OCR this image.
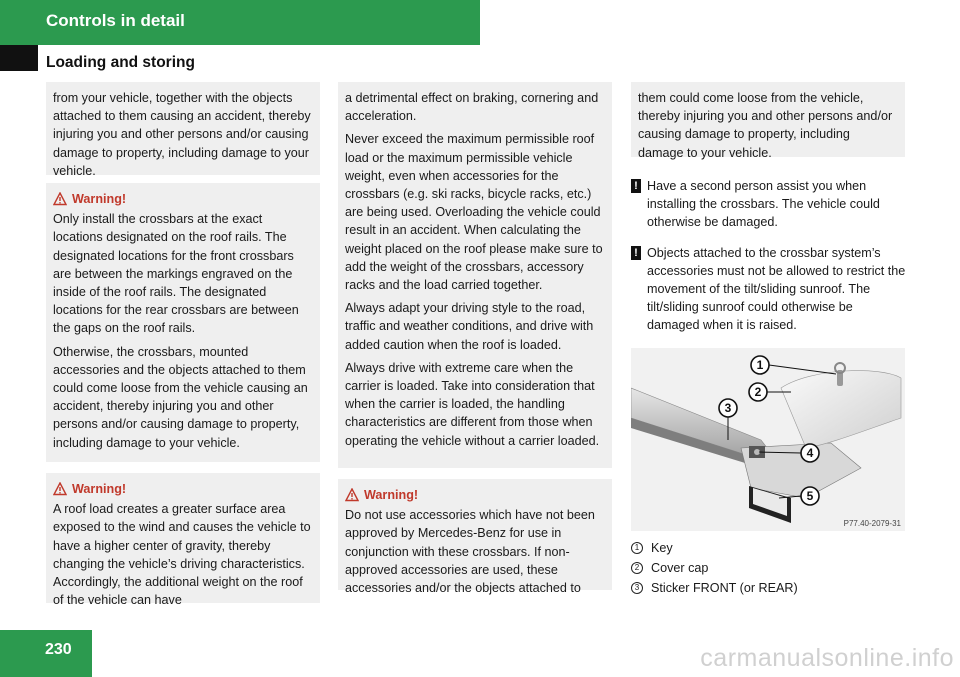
Controls in detail
Loading and storing

from your vehicle, together with the objects attached to them causing an accident, thereby injuring you and other persons and/or causing damage to property, including damage to your vehicle.

Warning!

Only install the crossbars at the exact locations designated on the roof rails. The designated locations for the front crossbars are between the markings engraved on the inside of the roof rails. The designated locations for the rear crossbars are between the gaps on the roof rails.

Otherwise, the crossbars, mounted accessories and the objects attached to them could come loose from the vehicle causing an accident, thereby injuring you and other persons and/or causing damage to property, including damage to your vehicle.

Warning!

A roof load creates a greater surface area exposed to the wind and causes the vehicle to have a higher center of gravity, thereby changing the vehicle’s driving characteristics. Accordingly, the additional weight on the roof of the vehicle can have

a detrimental effect on braking, cornering and acceleration.

Never exceed the maximum permissible roof load or the maximum permissible vehicle weight, even when accessories for the crossbars (e.g. ski racks, bicycle racks, etc.) are being used. Overloading the vehicle could result in an accident. When calculating the weight placed on the roof please make sure to add the weight of the crossbars, accessory racks and the load carried together.

Always adapt your driving style to the road, traffic and weather conditions, and drive with added caution when the roof is loaded.

Always drive with extreme care when the carrier is loaded. Take into consideration that when the carrier is loaded, the handling characteristics are different from those when operating the vehicle without a carrier loaded.

Warning!

Do not use accessories which have not been approved by Mercedes-Benz for use in conjunction with these crossbars. If non-approved accessories are used, these accessories and/or the objects attached to

them could come loose from the vehicle, thereby injuring you and other persons and/or causing damage to property, including damage to your vehicle.

! Have a second person assist you when installing the crossbars. The vehicle could otherwise be damaged.
! Objects attached to the crossbar system’s accessories must not be allowed to restrict the movement of the tilt/sliding sunroof. The tilt/sliding sunroof could otherwise be damaged when it is raised.
1
2
3
4
5
P77.40-2079-31
1 Key
2 Cover cap
3 Sticker FRONT (or REAR)
230	carmanualsonline.info
